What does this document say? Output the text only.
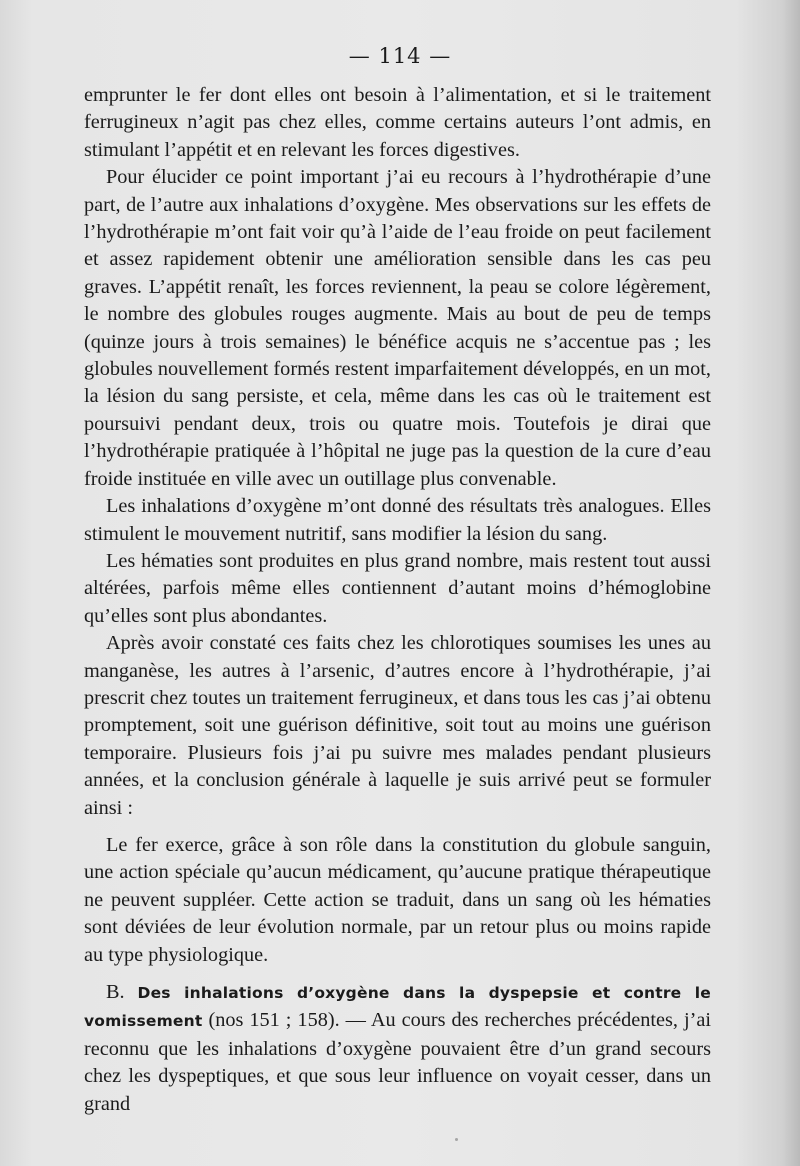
— 114 —

emprunter le fer dont elles ont besoin à l’alimentation, et si le traitement ferrugineux n’agit pas chez elles, comme certains auteurs l’ont admis, en stimulant l’appétit et en relevant les forces digestives.

Pour élucider ce point important j’ai eu recours à l’hydrothérapie d’une part, de l’autre aux inhalations d’oxygène. Mes observations sur les effets de l’hydrothérapie m’ont fait voir qu’à l’aide de l’eau froide on peut facilement et assez rapidement obtenir une amélioration sensible dans les cas peu graves. L’appétit renaît, les forces reviennent, la peau se colore légèrement, le nombre des globules rouges augmente. Mais au bout de peu de temps (quinze jours à trois semaines) le bénéfice acquis ne s’accentue pas ; les globules nouvellement formés restent imparfaitement développés, en un mot, la lésion du sang persiste, et cela, même dans les cas où le traitement est poursuivi pendant deux, trois ou quatre mois. Toutefois je dirai que l’hydrothérapie pratiquée à l’hôpital ne juge pas la question de la cure d’eau froide instituée en ville avec un outillage plus convenable.

Les inhalations d’oxygène m’ont donné des résultats très analogues. Elles stimulent le mouvement nutritif, sans modifier la lésion du sang.

Les hématies sont produites en plus grand nombre, mais restent tout aussi altérées, parfois même elles contiennent d’autant moins d’hémoglobine qu’elles sont plus abondantes.

Après avoir constaté ces faits chez les chlorotiques soumises les unes au manganèse, les autres à l’arsenic, d’autres encore à l’hydrothérapie, j’ai prescrit chez toutes un traitement ferrugineux, et dans tous les cas j’ai obtenu promptement, soit une guérison définitive, soit tout au moins une guérison temporaire. Plusieurs fois j’ai pu suivre mes malades pendant plusieurs années, et la conclusion générale à laquelle je suis arrivé peut se formuler ainsi :

Le fer exerce, grâce à son rôle dans la constitution du globule sanguin, une action spéciale qu’aucun médicament, qu’aucune pratique thérapeutique ne peuvent suppléer. Cette action se traduit, dans un sang où les hématies sont déviées de leur évolution normale, par un retour plus ou moins rapide au type physiologique.

B. Des inhalations d’oxygène dans la dyspepsie et contre le vomissement (nos 151 ; 158). — Au cours des recherches précédentes, j’ai reconnu que les inhalations d’oxygène pouvaient être d’un grand secours chez les dyspeptiques, et que sous leur influence on voyait cesser, dans un grand
